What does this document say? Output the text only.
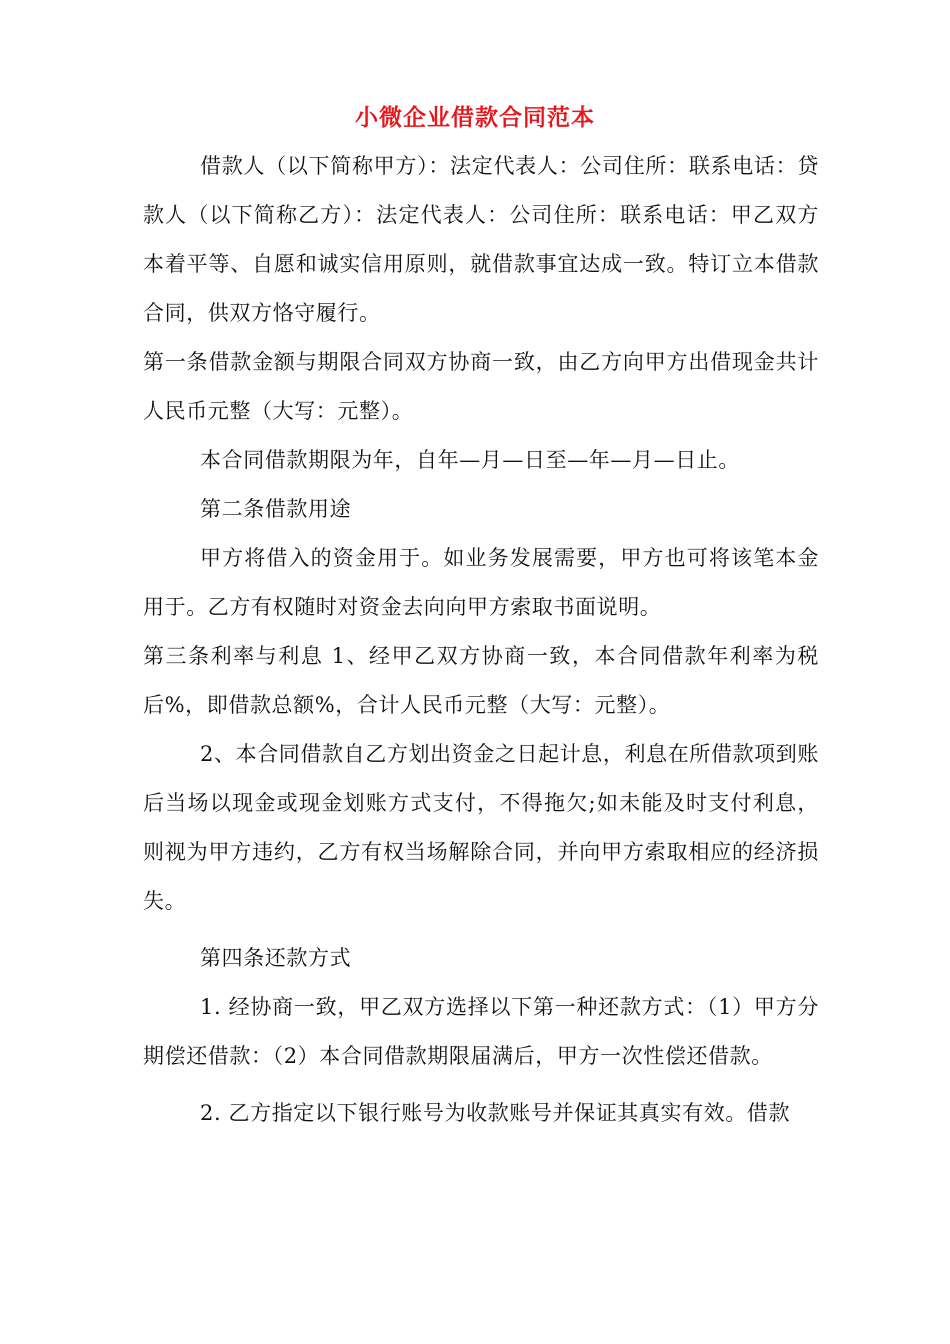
小微企业借款合同范本

借款人（以下简称甲方）：法定代表人：公司住所：联系电话：贷款人（以下简称乙方）：法定代表人：公司住所：联系电话：甲乙双方本着平等、自愿和诚实信用原则，就借款事宜达成一致。特订立本借款合同，供双方恪守履行。

第一条借款金额与期限合同双方协商一致，由乙方向甲方出借现金共计人民币元整（大写：元整）。

本合同借款期限为年，自年—月—日至—年—月—日止。

第二条借款用途

甲方将借入的资金用于。如业务发展需要，甲方也可将该笔本金用于。乙方有权随时对资金去向向甲方索取书面说明。

第三条利率与利息 1、经甲乙双方协商一致，本合同借款年利率为税后%，即借款总额%，合计人民币元整（大写：元整）。

2、本合同借款自乙方划出资金之日起计息，利息在所借款项到账后当场以现金或现金划账方式支付，不得拖欠;如未能及时支付利息，则视为甲方违约，乙方有权当场解除合同，并向甲方索取相应的经济损失。

第四条还款方式

1. 经协商一致，甲乙双方选择以下第一种还款方式：（1）甲方分期偿还借款：（2）本合同借款期限届满后，甲方一次性偿还借款。

2. 乙方指定以下银行账号为收款账号并保证其真实有效。借款
